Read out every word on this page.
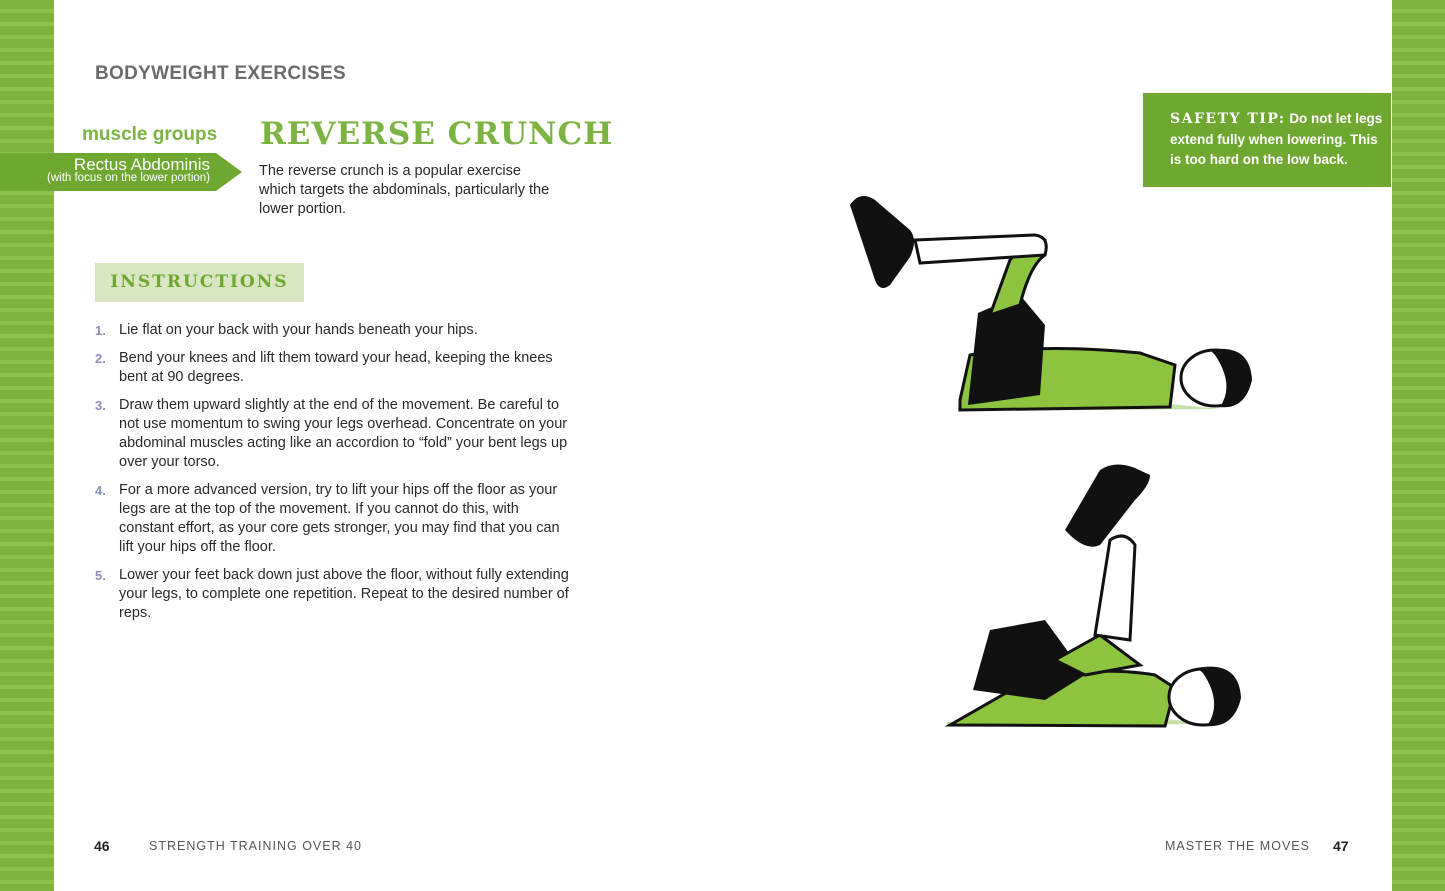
BODYWEIGHT EXERCISES
muscle groups
Rectus Abdominis
(with focus on the lower portion)
REVERSE CRUNCH
The reverse crunch is a popular exercise which targets the abdominals, particularly the lower portion.
INSTRUCTIONS
1. Lie flat on your back with your hands beneath your hips.
2. Bend your knees and lift them toward your head, keeping the knees bent at 90 degrees.
3. Draw them upward slightly at the end of the movement. Be careful to not use momentum to swing your legs overhead. Concentrate on your abdominal muscles acting like an accordion to “fold” your bent legs up over your torso.
4. For a more advanced version, try to lift your hips off the floor as your legs are at the top of the movement. If you cannot do this, with constant effort, as your core gets stronger, you may find that you can lift your hips off the floor.
5. Lower your feet back down just above the floor, without fully extending your legs, to complete one repetition. Repeat to the desired number of reps.
SAFETY TIP: Do not let legs extend fully when lowering. This is too hard on the low back.
46	STRENGTH TRAINING OVER 40	MASTER THE MOVES 47
